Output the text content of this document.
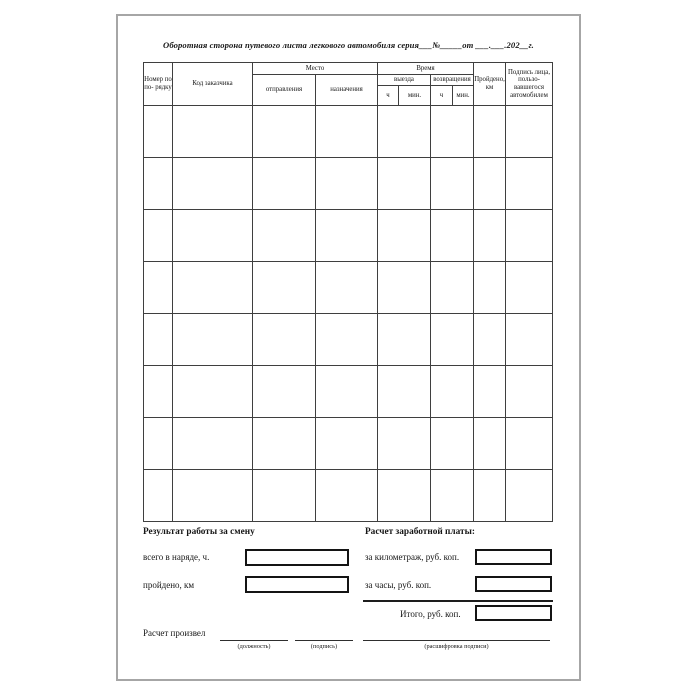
Оборотная сторона путевого листа легкового автомобиля серия___№_____от ___.___.202__г.
Номер по по- рядку	Код заказчика	Место		Время				Пройдено, км	Подпись лица, пользо- вавшегося автомобилем
		отправления	назначения	выезда		возвращения			
				ч	мин.	ч	мин.		

Результат работы за смену
всего в наряде, ч.
пройдено, км
Расчет заработной платы:
за километраж, руб. коп.
за часы, руб. коп.
Итого, руб. коп.
Расчет произвел
(должность)	(подпись)	(расшифровка подписи)
